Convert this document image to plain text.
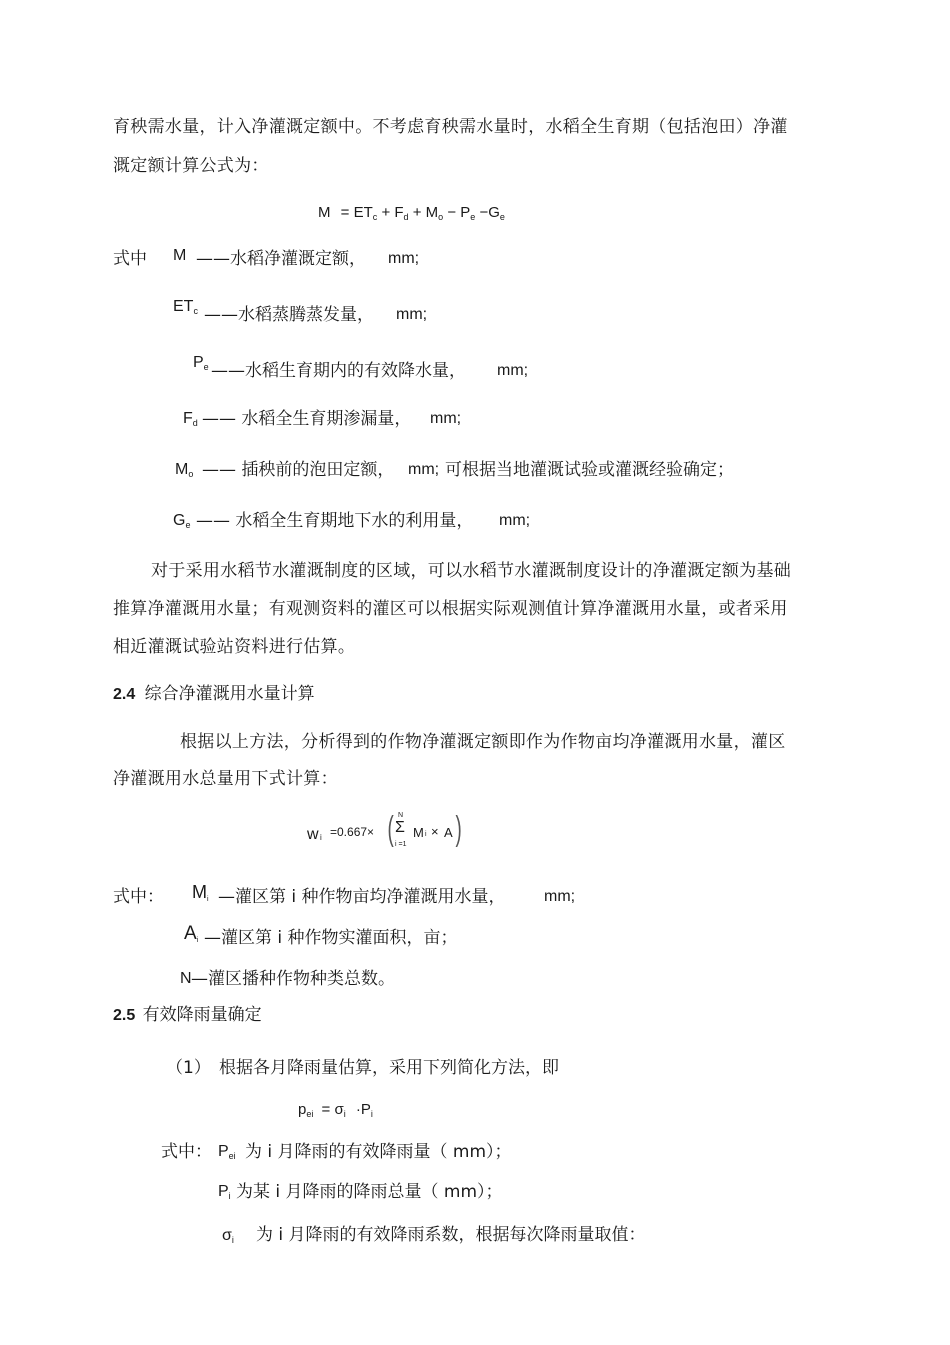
育秧需水量，计入净灌溉定额中。不考虑育秧需水量时，水稻全生育期（包括泡田）净灌
溉定额计算公式为：
$M = ET_c + F_d + M_o - P_e -G_e$
式中 M ——水稻净灌溉定额， mm;
$ET_c$ ——水稻蒸腾蒸发量， mm;
$P_e$ ——水稻生育期内的有效降水量， mm;
$F_d$ —— 水稻全生育期渗漏量， mm;
$M_o$ —— 插秧前的泡田定额， mm; 可根据当地灌溉试验或灌溉经验确定；
$G_e$ —— 水稻全生育期地下水的利用量， mm;
对于采用水稻节水灌溉制度的区域，可以水稻节水灌溉制度设计的净灌溉定额为基础
推算净灌溉用水量；有观测资料的灌区可以根据实际观测值计算净灌溉用水量，或者采用
相近灌溉试验站资料进行估算。
2.4 综合净灌溉用水量计算
根据以上方法，分析得到的作物净灌溉定额即作为作物亩均净灌溉用水量，灌区
净灌溉用水总量用下式计算：
w i =0.667× ( N
Σ
i =1
M i × A )
式中： $M_i$ —灌区第 i 种作物亩均净灌溉用水量， mm;
$A_i$ —灌区第 i 种作物实灌面积，亩；
N —灌区播种作物种类总数。
2.5 有效降雨量确定
（1） 根据各月降雨量估算，采用下列简化方法，即
$p_{ei} = \sigma_i \cdot P_i$
式中： $P_{ei}$ 为 i 月降雨的有效降雨量（ mm）；
$P_i$ 为某 i 月降雨的降雨总量（ mm）；
$\sigma_i$ 为 i 月降雨的有效降雨系数，根据每次降雨量取值：
